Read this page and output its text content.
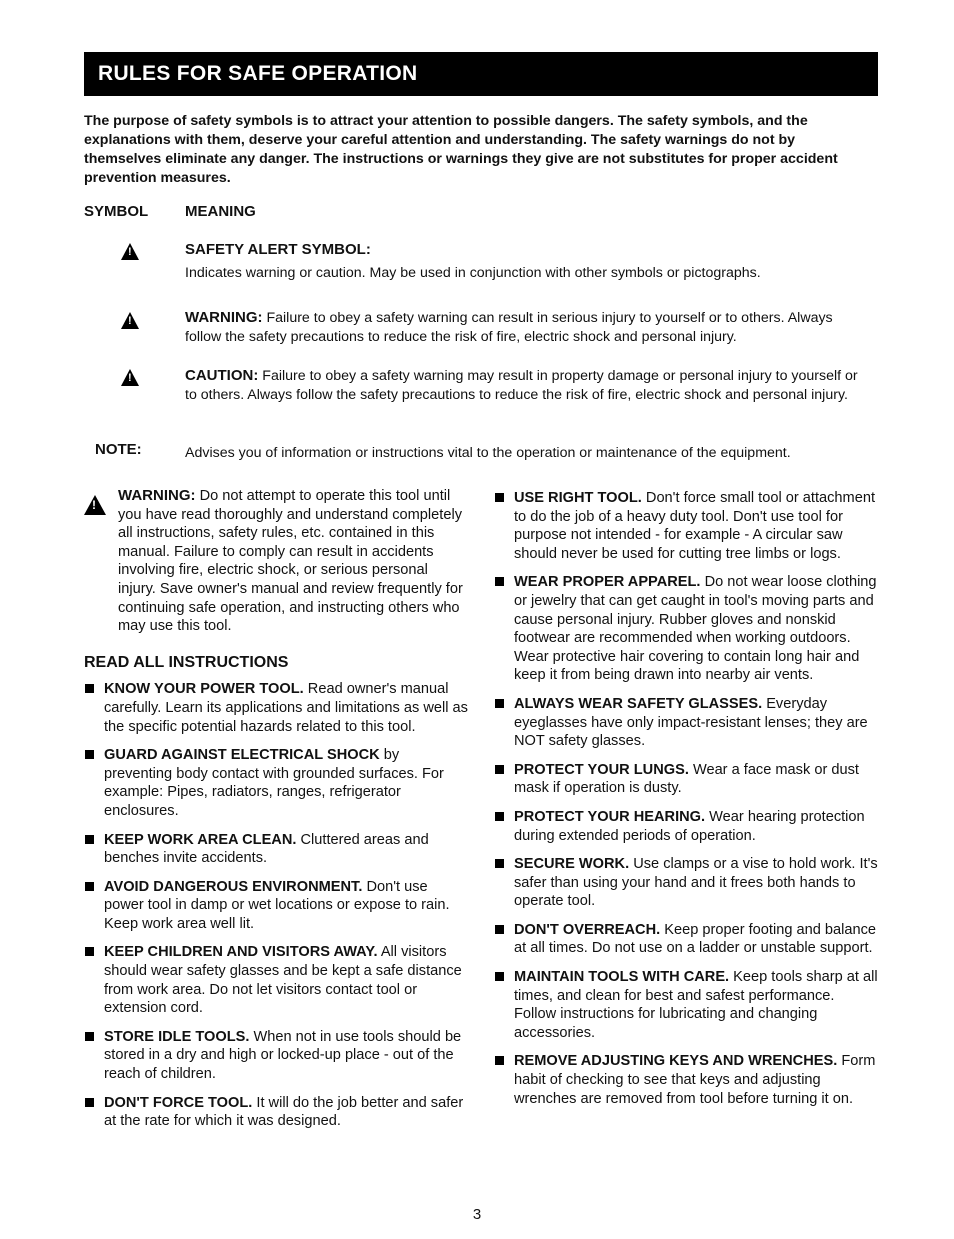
RULES FOR SAFE OPERATION

The purpose of safety symbols is to attract your attention to possible dangers. The safety symbols, and the explanations with them, deserve your careful attention and understanding. The safety warnings do not by themselves eliminate any danger. The instructions or warnings they give are not substitutes for proper accident prevention measures.

SYMBOL MEANING
!
SAFETY ALERT SYMBOL:
Indicates warning or caution. May be used in conjunction with other symbols or pictographs.
!
WARNING: Failure to obey a safety warning can result in serious injury to yourself or to others. Always follow the safety precautions to reduce the risk of fire, electric shock and personal injury.
!
CAUTION: Failure to obey a safety warning may result in property damage or personal injury to yourself or to others. Always follow the safety precautions to reduce the risk of fire, electric shock and personal injury.
NOTE:	Advises you of information or instructions vital to the operation or maintenance of the equipment.
!
WARNING: Do not attempt to operate this tool until you have read thoroughly and understand completely all instructions, safety rules, etc. contained in this manual. Failure to comply can result in accidents involving fire, electric shock, or serious personal injury. Save owner's manual and review frequently for continuing safe operation, and instructing others who may use this tool.
READ ALL INSTRUCTIONS
KNOW YOUR POWER TOOL. Read owner's manual carefully. Learn its applications and limitations as well as the specific potential hazards related to this tool.
GUARD AGAINST ELECTRICAL SHOCK by preventing body contact with grounded surfaces. For example: Pipes, radiators, ranges, refrigerator enclosures.
KEEP WORK AREA CLEAN. Cluttered areas and benches invite accidents.
AVOID DANGEROUS ENVIRONMENT. Don't use power tool in damp or wet locations or expose to rain. Keep work area well lit.
KEEP CHILDREN AND VISITORS AWAY. All visitors should wear safety glasses and be kept a safe distance from work area. Do not let visitors contact tool or extension cord.
STORE IDLE TOOLS. When not in use tools should be stored in a dry and high or locked-up place - out of the reach of children.
DON'T FORCE TOOL. It will do the job better and safer at the rate for which it was designed.
USE RIGHT TOOL. Don't force small tool or attachment to do the job of a heavy duty tool. Don't use tool for purpose not intended - for example - A circular saw should never be used for cutting tree limbs or logs.
WEAR PROPER APPAREL. Do not wear loose clothing or jewelry that can get caught in tool's moving parts and cause personal injury. Rubber gloves and nonskid footwear are recommended when working outdoors. Wear protective hair covering to contain long hair and keep it from being drawn into nearby air vents.
ALWAYS WEAR SAFETY GLASSES. Everyday eyeglasses have only impact-resistant lenses; they are NOT safety glasses.
PROTECT YOUR LUNGS. Wear a face mask or dust mask if operation is dusty.
PROTECT YOUR HEARING. Wear hearing protection during extended periods of operation.
SECURE WORK. Use clamps or a vise to hold work. It's safer than using your hand and it frees both hands to operate tool.
DON'T OVERREACH. Keep proper footing and balance at all times. Do not use on a ladder or unstable support.
MAINTAIN TOOLS WITH CARE. Keep tools sharp at all times, and clean for best and safest performance. Follow instructions for lubricating and changing accessories.
REMOVE ADJUSTING KEYS AND WRENCHES. Form habit of checking to see that keys and adjusting wrenches are removed from tool before turning it on.
3
